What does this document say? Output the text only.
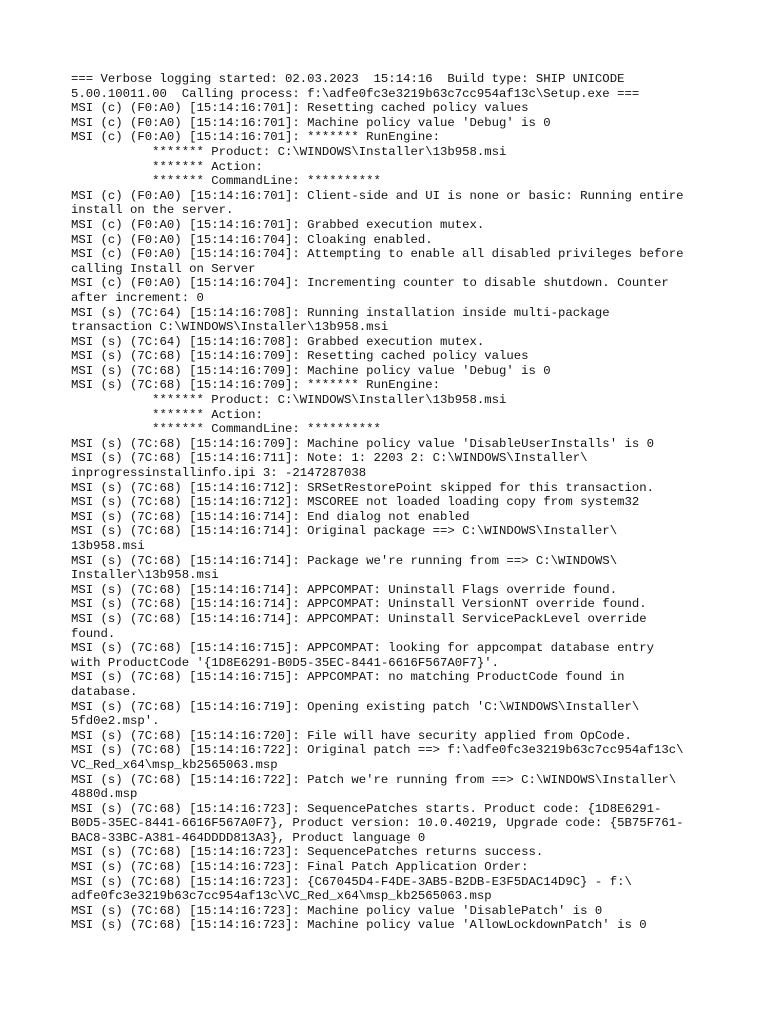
=== Verbose logging started: 02.03.2023  15:14:16  Build type: SHIP UNICODE
5.00.10011.00  Calling process: f:\adfe0fc3e3219b63c7cc954af13c\Setup.exe ===
MSI (c) (F0:A0) [15:14:16:701]: Resetting cached policy values
MSI (c) (F0:A0) [15:14:16:701]: Machine policy value 'Debug' is 0
MSI (c) (F0:A0) [15:14:16:701]: ******* RunEngine:
******* Product: C:\WINDOWS\Installer\13b958.msi
******* Action:
******* CommandLine: **********
MSI (c) (F0:A0) [15:14:16:701]: Client-side and UI is none or basic: Running entire
install on the server.
MSI (c) (F0:A0) [15:14:16:701]: Grabbed execution mutex.
MSI (c) (F0:A0) [15:14:16:704]: Cloaking enabled.
MSI (c) (F0:A0) [15:14:16:704]: Attempting to enable all disabled privileges before
calling Install on Server
MSI (c) (F0:A0) [15:14:16:704]: Incrementing counter to disable shutdown. Counter
after increment: 0
MSI (s) (7C:64) [15:14:16:708]: Running installation inside multi-package
transaction C:\WINDOWS\Installer\13b958.msi
MSI (s) (7C:64) [15:14:16:708]: Grabbed execution mutex.
MSI (s) (7C:68) [15:14:16:709]: Resetting cached policy values
MSI (s) (7C:68) [15:14:16:709]: Machine policy value 'Debug' is 0
MSI (s) (7C:68) [15:14:16:709]: ******* RunEngine:
******* Product: C:\WINDOWS\Installer\13b958.msi
******* Action:
******* CommandLine: **********
MSI (s) (7C:68) [15:14:16:709]: Machine policy value 'DisableUserInstalls' is 0
MSI (s) (7C:68) [15:14:16:711]: Note: 1: 2203 2: C:\WINDOWS\Installer\
inprogressinstallinfo.ipi 3: -2147287038
MSI (s) (7C:68) [15:14:16:712]: SRSetRestorePoint skipped for this transaction.
MSI (s) (7C:68) [15:14:16:712]: MSCOREE not loaded loading copy from system32
MSI (s) (7C:68) [15:14:16:714]: End dialog not enabled
MSI (s) (7C:68) [15:14:16:714]: Original package ==> C:\WINDOWS\Installer\
13b958.msi
MSI (s) (7C:68) [15:14:16:714]: Package we're running from ==> C:\WINDOWS\
Installer\13b958.msi
MSI (s) (7C:68) [15:14:16:714]: APPCOMPAT: Uninstall Flags override found.
MSI (s) (7C:68) [15:14:16:714]: APPCOMPAT: Uninstall VersionNT override found.
MSI (s) (7C:68) [15:14:16:714]: APPCOMPAT: Uninstall ServicePackLevel override
found.
MSI (s) (7C:68) [15:14:16:715]: APPCOMPAT: looking for appcompat database entry
with ProductCode '{1D8E6291-B0D5-35EC-8441-6616F567A0F7}'.
MSI (s) (7C:68) [15:14:16:715]: APPCOMPAT: no matching ProductCode found in
database.
MSI (s) (7C:68) [15:14:16:719]: Opening existing patch 'C:\WINDOWS\Installer\
5fd0e2.msp'.
MSI (s) (7C:68) [15:14:16:720]: File will have security applied from OpCode.
MSI (s) (7C:68) [15:14:16:722]: Original patch ==> f:\adfe0fc3e3219b63c7cc954af13c\
VC_Red_x64\msp_kb2565063.msp
MSI (s) (7C:68) [15:14:16:722]: Patch we're running from ==> C:\WINDOWS\Installer\
4880d.msp
MSI (s) (7C:68) [15:14:16:723]: SequencePatches starts. Product code: {1D8E6291-
B0D5-35EC-8441-6616F567A0F7}, Product version: 10.0.40219, Upgrade code: {5B75F761-
BAC8-33BC-A381-464DDDD813A3}, Product language 0
MSI (s) (7C:68) [15:14:16:723]: SequencePatches returns success.
MSI (s) (7C:68) [15:14:16:723]: Final Patch Application Order:
MSI (s) (7C:68) [15:14:16:723]: {C67045D4-F4DE-3AB5-B2DB-E3F5DAC14D9C} - f:\
adfe0fc3e3219b63c7cc954af13c\VC_Red_x64\msp_kb2565063.msp
MSI (s) (7C:68) [15:14:16:723]: Machine policy value 'DisablePatch' is 0
MSI (s) (7C:68) [15:14:16:723]: Machine policy value 'AllowLockdownPatch' is 0
